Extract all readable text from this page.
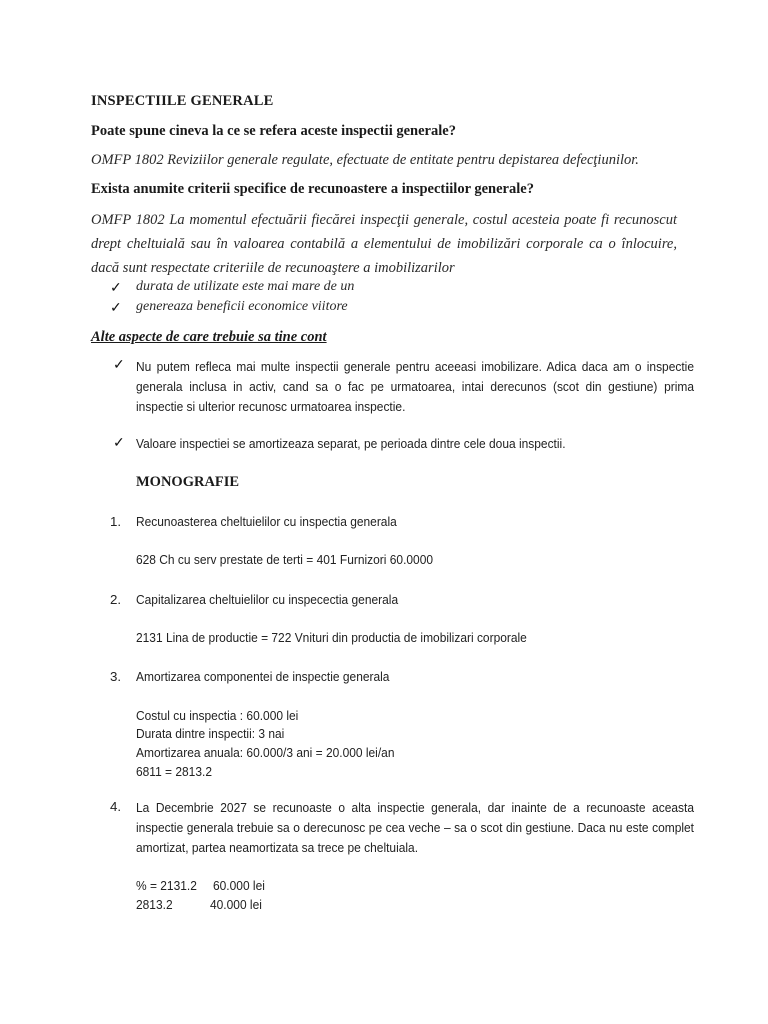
INSPECTIILE GENERALE
Poate spune cineva la ce se refera aceste inspectii generale?
OMFP 1802 Reviziilor generale regulate, efectuate de entitate pentru depistarea defecţiunilor.
Exista anumite criterii specifice de recunoastere a inspectiilor generale?
OMFP 1802 La momentul efectuării fiecărei inspecţii generale, costul acesteia poate fi recunoscut drept cheltuială sau în valoarea contabilă a elementului de imobilizări corporale ca o înlocuire, dacă sunt respectate criteriile de recunoaştere a imobilizarilor
✓ durata de utilizate este mai mare de un
✓ genereaza beneficii economice viitore
Alte aspecte de care trebuie sa tine cont
✓ Nu putem refleca mai multe inspectii generale pentru aceeasi imobilizare. Adica daca am o inspectie generala inclusa in activ, cand sa o fac pe urmatoarea, intai derecunos (scot din gestiune) prima inspectie si ulterior recunosc urmatoarea inspectie.
✓ Valoare inspectiei se amortizeaza separat, pe perioada dintre cele doua inspectii.
MONOGRAFIE
1. Recunoasterea cheltuielilor cu inspectia generala
628 Ch cu serv prestate de terti = 401 Furnizori 60.0000
2. Capitalizarea cheltuielilor cu inspecectia generala
2131 Lina de productie = 722 Vnituri din productia de imobilizari corporale
3. Amortizarea componentei de inspectie generala
Costul cu inspectia : 60.000 lei
Durata dintre inspectii: 3 nai
Amortizarea anuala: 60.000/3 ani = 20.000 lei/an
6811 = 2813.2
4. La Decembrie 2027 se recunoaste o alta inspectie generala, dar inainte de a recunoaste aceasta inspectie generala trebuie sa o derecunosc pe cea veche – sa o scot din gestiune. Daca nu este complet amortizat, partea neamortizata sa trece pe cheltuiala.
% = 2131.2 60.000 lei
2813.2	40.000 lei
